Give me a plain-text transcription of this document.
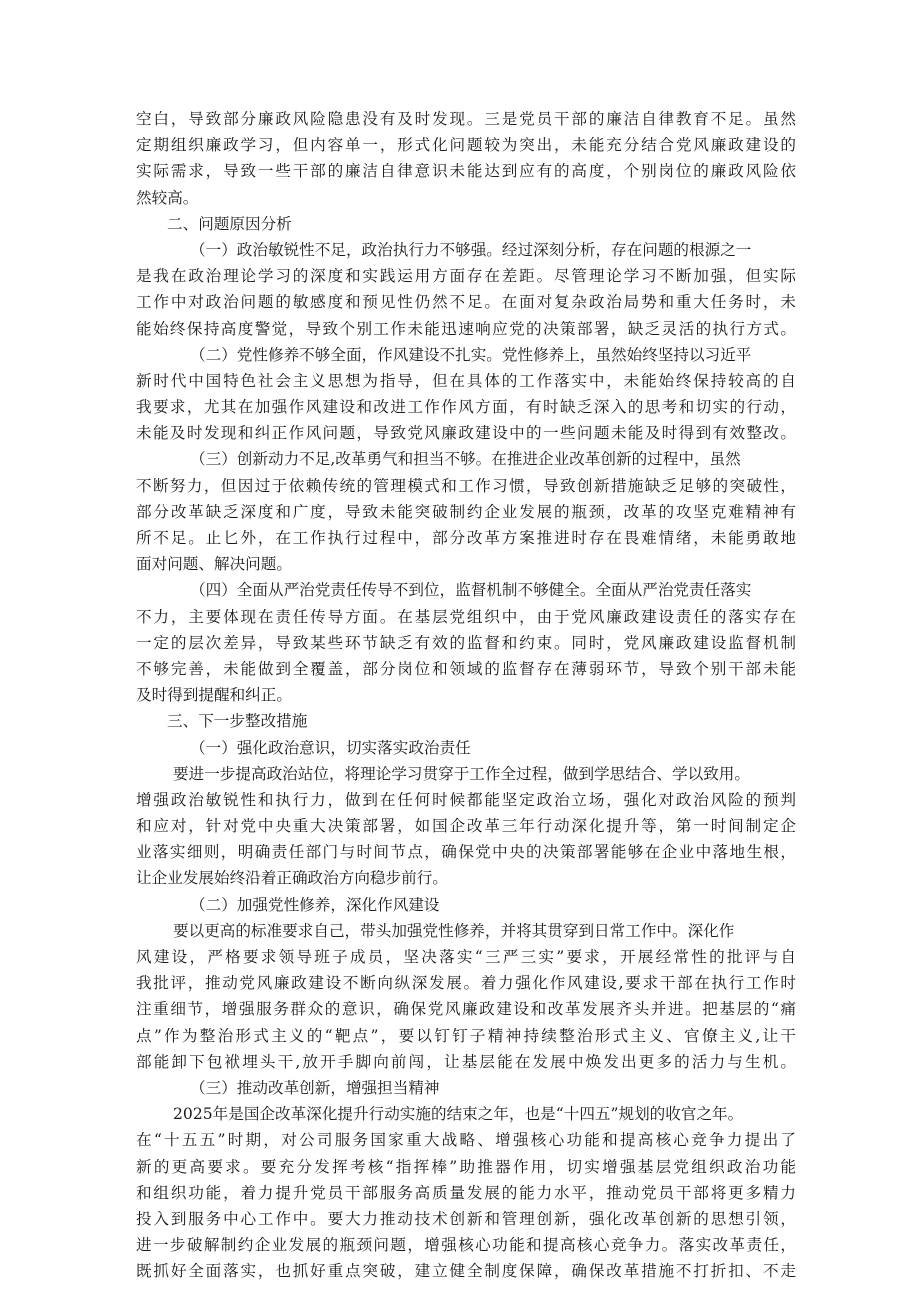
空白，导致部分廉政风险隐患没有及时发现。三是党员干部的廉洁自律教育不足。虽然
定期组织廉政学习，但内容单一，形式化问题较为突出，未能充分结合党风廉政建设的
实际需求，导致一些干部的廉洁自律意识未能达到应有的高度，个别岗位的廉政风险依
然较高。
二、问题原因分析
（一）政治敏锐性不足，政治执行力不够强。经过深刻分析，存在问题的根源之一
是我在政治理论学习的深度和实践运用方面存在差距。尽管理论学习不断加强，但实际
工作中对政治问题的敏感度和预见性仍然不足。在面对复杂政治局势和重大任务时，未
能始终保持高度警觉，导致个别工作未能迅速响应党的决策部署，缺乏灵活的执行方式。
（二）党性修养不够全面，作风建设不扎实。党性修养上，虽然始终坚持以习近平
新时代中国特色社会主义思想为指导，但在具体的工作落实中，未能始终保持较高的自
我要求，尤其在加强作风建设和改进工作作风方面，有时缺乏深入的思考和切实的行动，
未能及时发现和纠正作风问题，导致党风廉政建设中的一些问题未能及时得到有效整改。
（三）创新动力不足,改革勇气和担当不够。在推进企业改革创新的过程中，虽然
不断努力，但因过于依赖传统的管理模式和工作习惯，导致创新措施缺乏足够的突破性，
部分改革缺乏深度和广度，导致未能突破制约企业发展的瓶颈，改革的攻坚克难精神有
所不足。止匕外，在工作执行过程中，部分改革方案推进时存在畏难情绪，未能勇敢地
面对问题、解决问题。
（四）全面从严治党责任传导不到位，监督机制不够健全。全面从严治党责任落实
不力，主要体现在责任传导方面。在基层党组织中，由于党风廉政建设责任的落实存在
一定的层次差异，导致某些环节缺乏有效的监督和约束。同时，党风廉政建设监督机制
不够完善，未能做到全覆盖，部分岗位和领域的监督存在薄弱环节，导致个别干部未能
及时得到提醒和纠正。
三、下一步整改措施
（一）强化政治意识，切实落实政治责任
要进一步提高政治站位，将理论学习贯穿于工作全过程，做到学思结合、学以致用。
增强政治敏锐性和执行力，做到在任何时候都能坚定政治立场，强化对政治风险的预判
和应对，针对党中央重大决策部署，如国企改革三年行动深化提升等，第一时间制定企
业落实细则，明确责任部门与时间节点，确保党中央的决策部署能够在企业中落地生根，
让企业发展始终沿着正确政治方向稳步前行。
（二）加强党性修养，深化作风建设
要以更高的标准要求自己，带头加强党性修养，并将其贯穿到日常工作中。深化作
风建设，严格要求领导班子成员，坚决落实“三严三实”要求，开展经常性的批评与自
我批评，推动党风廉政建设不断向纵深发展。着力强化作风建设,要求干部在执行工作时
注重细节，增强服务群众的意识，确保党风廉政建设和改革发展齐头并进。把基层的“痛
点”作为整治形式主义的“靶点”，要以钉钉子精神持续整治形式主义、官僚主义,让干
部能卸下包袱埋头干,放开手脚向前闯，让基层能在发展中焕发出更多的活力与生机。
（三）推动改革创新，增强担当精神
2025年是国企改革深化提升行动实施的结束之年，也是“十四五”规划的收官之年。
在“十五五”时期，对公司服务国家重大战略、增强核心功能和提高核心竞争力提出了
新的更高要求。要充分发挥考核“指挥棒”助推器作用，切实增强基层党组织政治功能
和组织功能，着力提升党员干部服务高质量发展的能力水平，推动党员干部将更多精力
投入到服务中心工作中。要大力推动技术创新和管理创新，强化改革创新的思想引领，
进一步破解制约企业发展的瓶颈问题，增强核心功能和提高核心竞争力。落实改革责任，
既抓好全面落实，也抓好重点突破，建立健全制度保障，确保改革措施不打折扣、不走
